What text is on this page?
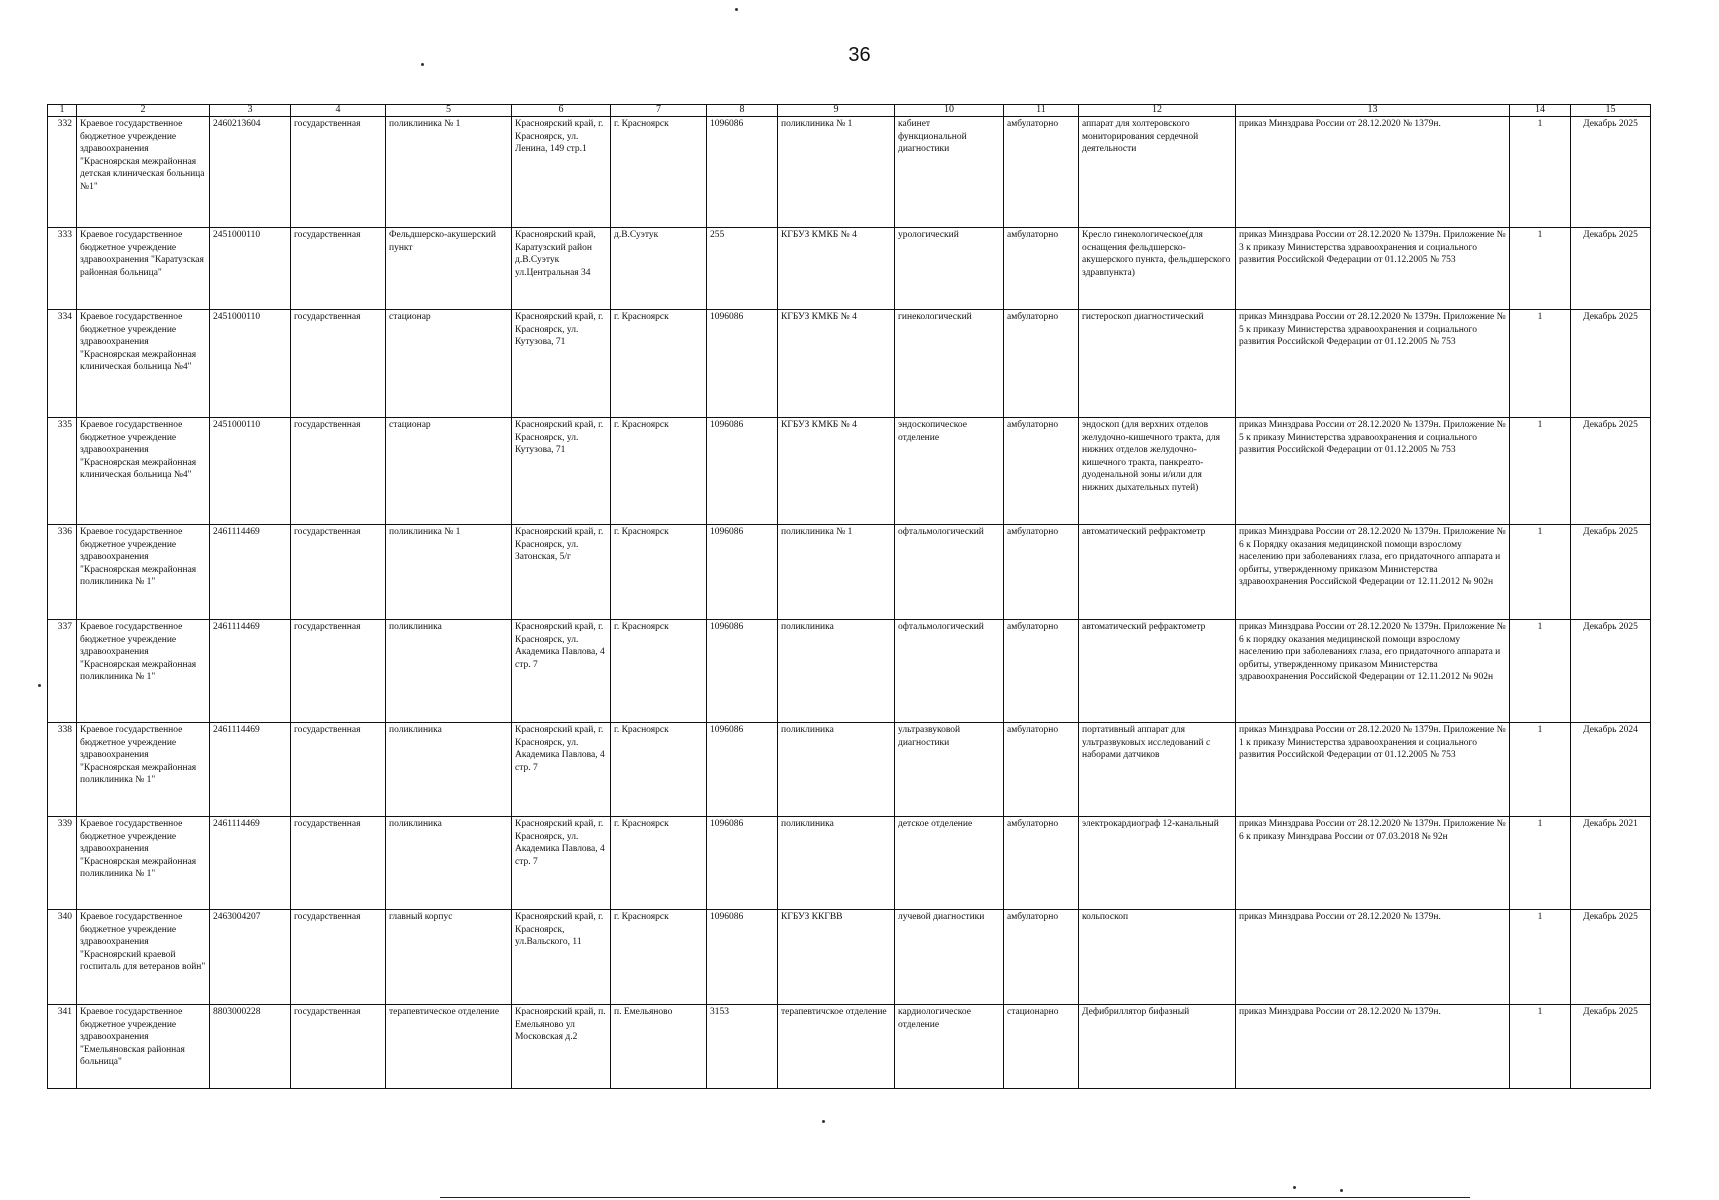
36
1	2	3	4	5	6	7	8	9	10	11	12	13	14	15
332	Краевое государственное бюджетное учреждение здравоохранения "Красноярская межрайонная детская клиническая больница №1"	2460213604	государственная	поликлиника № 1	Красноярский край, г. Красноярск, ул. Ленина, 149 стр.1	г. Красноярск	1096086	поликлиника № 1	кабинет функциональной диагностики	амбулаторно	аппарат для холтеровского мониторирования сердечной деятельности	приказ Минздрава России от 28.12.2020 № 1379н.	1	Декабрь 2025
333	Краевое государственное бюджетное учреждение здравоохранения "Каратузская районная больница"	2451000110	государственная	Фельдшерско-акушерский пункт	Красноярский край, Каратузский район д.В.Суэтук ул.Центральная 34	д.В.Суэтук	255	КГБУЗ КМКБ № 4	урологический	амбулаторно	Кресло гинекологическое(для оснащения фельдшерско-акушерского пункта, фельдшерского здравпункта)	приказ Минздрава России от 28.12.2020 № 1379н. Приложение № 3 к приказу Министерства здравоохранения и социального развития Российской Федерации от 01.12.2005 № 753	1	Декабрь 2025
334	Краевое государственное бюджетное учреждение здравоохранения "Красноярская межрайонная клиническая больница №4"	2451000110	государственная	стационар	Красноярский край, г. Красноярск, ул. Кутузова, 71	г. Красноярск	1096086	КГБУЗ КМКБ № 4	гинекологический	амбулаторно	гистероскоп диагностический	приказ Минздрава России от 28.12.2020 № 1379н. Приложение № 5 к приказу Министерства здравоохранения и социального развития Российской Федерации от 01.12.2005 № 753	1	Декабрь 2025
335	Краевое государственное бюджетное учреждение здравоохранения "Красноярская межрайонная клиническая больница №4"	2451000110	государственная	стационар	Красноярский край, г. Красноярск, ул. Кутузова, 71	г. Красноярск	1096086	КГБУЗ КМКБ № 4	эндоскопическое отделение	амбулаторно	эндоскоп (для верхних отделов желудочно-кишечного тракта, для нижних отделов желудочно-кишечного тракта, панкреато-дуоденальной зоны и/или для нижних дыхательных путей)	приказ Минздрава России от 28.12.2020 № 1379н. Приложение № 5 к приказу Министерства здравоохранения и социального развития Российской Федерации от 01.12.2005 № 753	1	Декабрь 2025
336	Краевое государственное бюджетное учреждение здравоохранения "Красноярская межрайонная поликлиника № 1"	2461114469	государственная	поликлиника № 1	Красноярский край, г. Красноярск, ул. Затонская, 5/г	г. Красноярск	1096086	поликлиника № 1	офтальмологический	амбулаторно	автоматический рефрактометр	приказ Минздрава России от 28.12.2020 № 1379н. Приложение № 6 к Порядку оказания медицинской помощи взрослому населению при заболеваниях глаза, его придаточного аппарата и орбиты, утвержденному приказом Министерства здравоохранения Российской Федерации от 12.11.2012 № 902н	1	Декабрь 2025
337	Краевое государственное бюджетное учреждение здравоохранения "Красноярская межрайонная поликлиника № 1"	2461114469	государственная	поликлиника	Красноярский край, г. Красноярск, ул. Академика Павлова, 4 стр. 7	г. Красноярск	1096086	поликлиника	офтальмологический	амбулаторно	автоматический рефрактометр	приказ Минздрава России от 28.12.2020 № 1379н. Приложение № 6 к порядку оказания медицинской помощи взрослому населению при заболеваниях глаза, его придаточного аппарата и орбиты, утвержденному приказом Министерства здравоохранения Российской Федерации от 12.11.2012 № 902н	1	Декабрь 2025
338	Краевое государственное бюджетное учреждение здравоохранения "Красноярская межрайонная поликлиника № 1"	2461114469	государственная	поликлиника	Красноярский край, г. Красноярск, ул. Академика Павлова, 4 стр. 7	г. Красноярск	1096086	поликлиника	ультразвуковой диагностики	амбулаторно	портативный аппарат для ультразвуковых исследований с наборами датчиков	приказ Минздрава России от 28.12.2020 № 1379н. Приложение № 1 к приказу Министерства здравоохранения и социального развития Российской Федерации от 01.12.2005 № 753	1	Декабрь 2024
339	Краевое государственное бюджетное учреждение здравоохранения "Красноярская межрайонная поликлиника № 1"	2461114469	государственная	поликлиника	Красноярский край, г. Красноярск, ул. Академика Павлова, 4 стр. 7	г. Красноярск	1096086	поликлиника	детское отделение	амбулаторно	электрокардиограф 12-канальный	приказ Минздрава России от 28.12.2020 № 1379н. Приложение № 6 к приказу Минздрава России от 07.03.2018 № 92н	1	Декабрь 2021
340	Краевое государственное бюджетное учреждение здравоохранения "Красноярский краевой госпиталь для ветеранов войн"	2463004207	государственная	главный корпус	Красноярский край, г. Красноярск, ул.Вальского, 11	г. Красноярск	1096086	КГБУЗ ККГВВ	лучевой диагностики	амбулаторно	кольпоскоп	приказ Минздрава России от 28.12.2020 № 1379н.	1	Декабрь 2025
341	Краевое государственное бюджетное учреждение здравоохранения "Емельяновская районная больница"	8803000228	государственная	терапевтическое отделение	Красноярский край, п. Емельяново ул Московская д.2	п. Емельяново	3153	терапевтичское отделение	кардиологическое отделение	стационарно	Дефибриллятор бифазный	приказ Минздрава России от 28.12.2020 № 1379н.	1	Декабрь 2025
